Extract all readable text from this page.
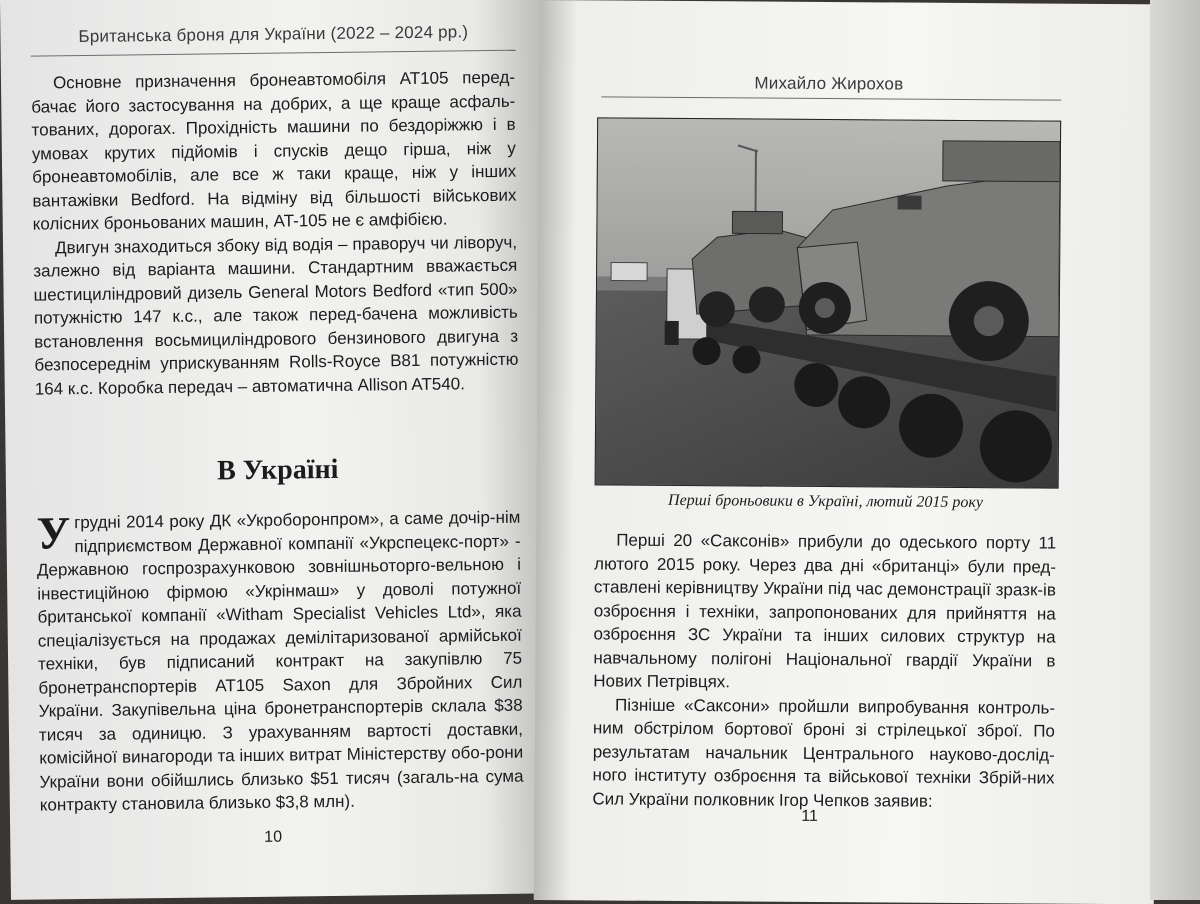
Британська броня для України (2022 – 2024 рр.)

Основне призначення бронеавтомобіля AT105 перед-бачає його застосування на добрих, а ще краще асфаль-тованих, дорогах. Прохідність машини по бездоріжжю і в умовах крутих підйомів і спусків дещо гірша, ніж у бронеавтомобілів, але все ж таки краще, ніж у інших вантажівки Bedford. На відміну від більшості військових колісних броньованих машин, AT-105 не є амфібією.

Двигун знаходиться збоку від водія – праворуч чи ліворуч, залежно від варіанта машини. Стандартним вважається шестициліндровий дизель General Motors Bedford «тип 500» потужністю 147 к.с., але також перед-бачена можливість встановлення восьмициліндрового бензинового двигуна з безпосереднім уприскуванням Rolls-Royce B81 потужністю 164 к.с. Коробка передач – автоматична Allison AT540.

В Україні

Угрудні 2014 року ДК «Укроборонпром», а саме дочір-нім підприємством Державної компанії «Укрспецекс-порт» - Державною госпрозрахунковою зовнішньоторго-вельною і інвестиційною фірмою «Укрінмаш» у доволі потужної британської компанії «Witham Specialist Vehicles Ltd», яка спеціалізується на продажах демілітаризованої армійської техніки, був підписаний контракт на закупівлю 75 бронетранспортерів AT105 Saxon для Збройних Сил України. Закупівельна ціна бронетранспортерів склала $38 тисяч за одиницю. З урахуванням вартості доставки, комісійної винагороди та інших витрат Міністерству обо-рони України вони обійшлись близько $51 тисяч (загаль-на сума контракту становила близько $3,8 млн).

10
Михайло Жирохов
Перші броньовики в Україні, лютий 2015 року

Перші 20 «Саксонів» прибули до одеського порту 11 лютого 2015 року. Через два дні «британці» були пред-ставлені керівництву України під час демонстрації зразк-ів озброєння і техніки, запропонованих для прийняття на озброєння ЗС України та інших силових структур на навчальному полігоні Національної гвардії України в Нових Петрівцях.

Пізніше «Саксони» пройшли випробування контроль-ним обстрілом бортової броні зі стрілецької зброї. По результатам начальник Центрального науково-дослід-ного інституту озброєння та військової техніки Збрій-них Сил України полковник Ігор Чепков заявив:

11
